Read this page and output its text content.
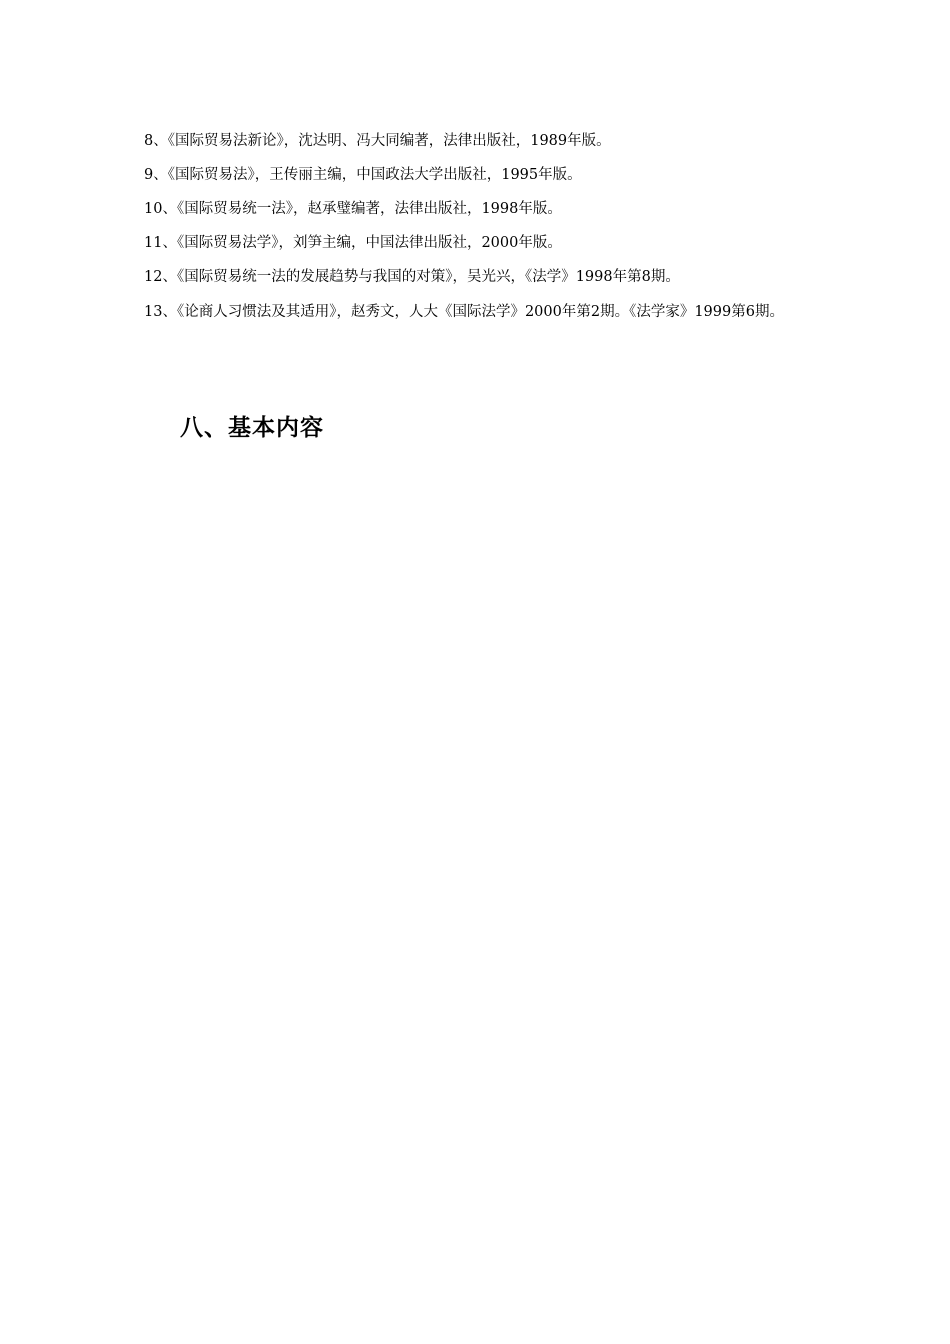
8、《国际贸易法新论》，沈达明、冯大同编著，法律出版社，1989年版。
9、《国际贸易法》，王传丽主编，中国政法大学出版社，1995年版。
10、《国际贸易统一法》，赵承璧编著，法律出版社，1998年版。
11、《国际贸易法学》，刘笋主编，中国法律出版社，2000年版。
12、《国际贸易统一法的发展趋势与我国的对策》，吴光兴，《法学》1998年第8期。
13、《论商人习惯法及其适用》，赵秀文，人大《国际法学》2000年第2期。《法学家》1999第6期。
八、基本内容
